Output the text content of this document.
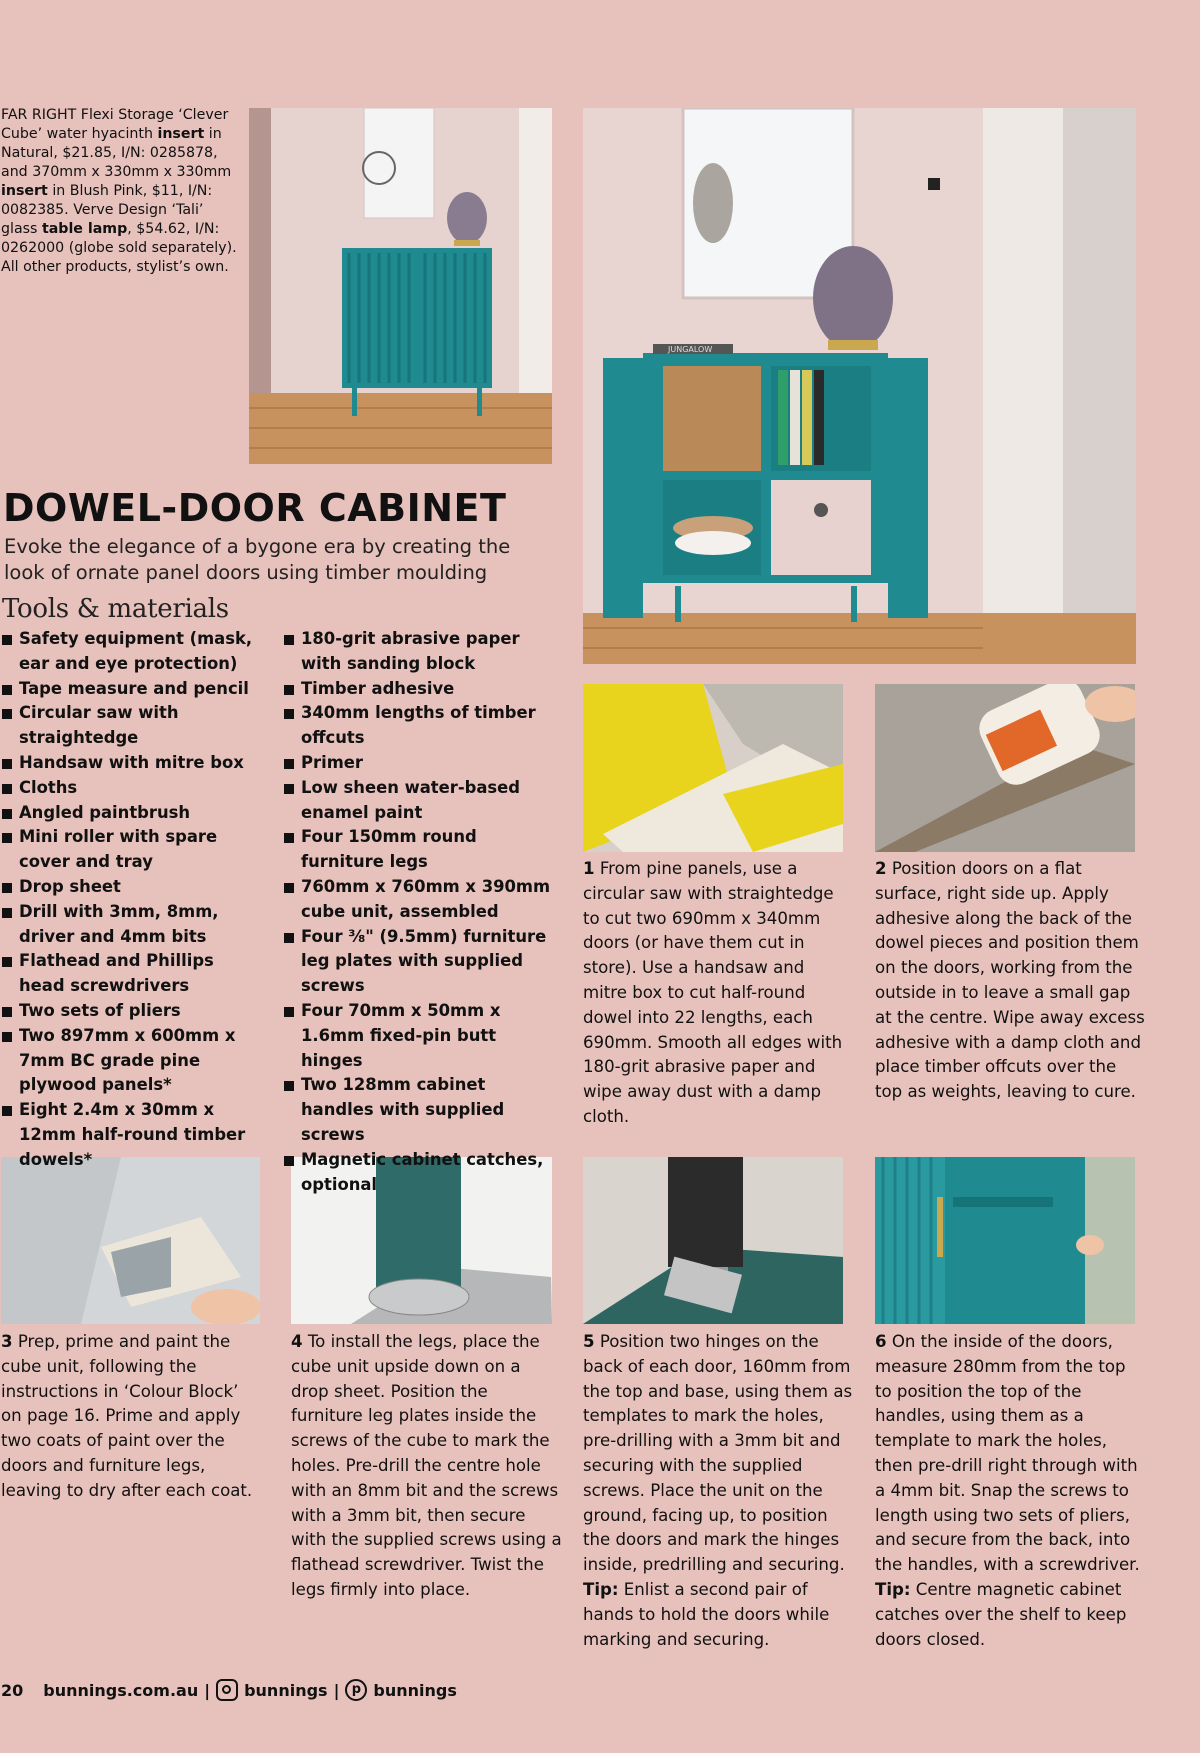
FAR RIGHT Flexi Storage ‘Clever Cube’ water hyacinth insert in Natural, $21.85, I/N: 0285878, and 370mm x 330mm x 330mm insert in Blush Pink, $11, I/N: 0082385. Verve Design ‘Tali’ glass table lamp, $54.62, I/N: 0262000 (globe sold separately). All other products, stylist’s own.
JUNGALOW
1 From pine panels, use a circular saw with straightedge to cut two 690mm x 340mm doors (or have them cut in store). Use a handsaw and mitre box to cut half-round dowel into 22 lengths, each 690mm. Smooth all edges with 180-grit abrasive paper and wipe away dust with a damp cloth.
2 Position doors on a flat surface, right side up. Apply adhesive along the back of the dowel pieces and position them on the doors, working from the outside in to leave a small gap at the centre. Wipe away excess adhesive with a damp cloth and place timber offcuts over the top as weights, leaving to cure.
DOWEL-DOOR CABINET
Evoke the elegance of a bygone era by creating the look of ornate panel doors using timber moulding
Tools & materials
Safety equipment (mask, ear and eye protection)
Tape measure and pencil
Circular saw with straightedge
Handsaw with mitre box
Cloths
Angled paintbrush
Mini roller with spare cover and tray
Drop sheet
Drill with 3mm, 8mm, driver and 4mm bits
Flathead and Phillips head screwdrivers
Two sets of pliers
Two 897mm x 600mm x 7mm BC grade pine plywood panels*
Eight 2.4m x 30mm x 12mm half-round timber dowels*
180-grit abrasive paper with sanding block
Timber adhesive
340mm lengths of timber offcuts
Primer
Low sheen water-based enamel paint
Four 150mm round furniture legs
760mm x 760mm x 390mm cube unit, assembled
Four ⅜" (9.5mm) furniture leg plates with supplied screws
Four 70mm x 50mm x 1.6mm fixed-pin butt hinges
Two 128mm cabinet handles with supplied screws
Magnetic cabinet catches, optional
3 Prep, prime and paint the cube unit, following the instructions in ‘Colour Block’ on page 16. Prime and apply two coats of paint over the doors and furniture legs, leaving to dry after each coat.
4 To install the legs, place the cube unit upside down on a drop sheet. Position the furniture leg plates inside the screws of the cube to mark the holes. Pre-drill the centre hole with an 8mm bit and the screws with a 3mm bit, then secure with the supplied screws using a flathead screwdriver. Twist the legs firmly into place.
5 Position two hinges on the back of each door, 160mm from the top and base, using them as templates to mark the holes, pre-drilling with a 3mm bit and securing with the supplied screws. Place the unit on the ground, facing up, to position the doors and mark the hinges inside, predrilling and securing. Tip: Enlist a second pair of hands to hold the doors while marking and securing.
6 On the inside of the doors, measure 280mm from the top to position the top of the handles, using them as a template to mark the holes, then pre-drill right through with a 4mm bit. Snap the screws to length using two sets of pliers, and secure from the back, into the handles, with a screwdriver. Tip: Centre magnetic cabinet catches over the shelf to keep doors closed.
20 bunnings.com.au | bunnings | p bunnings
